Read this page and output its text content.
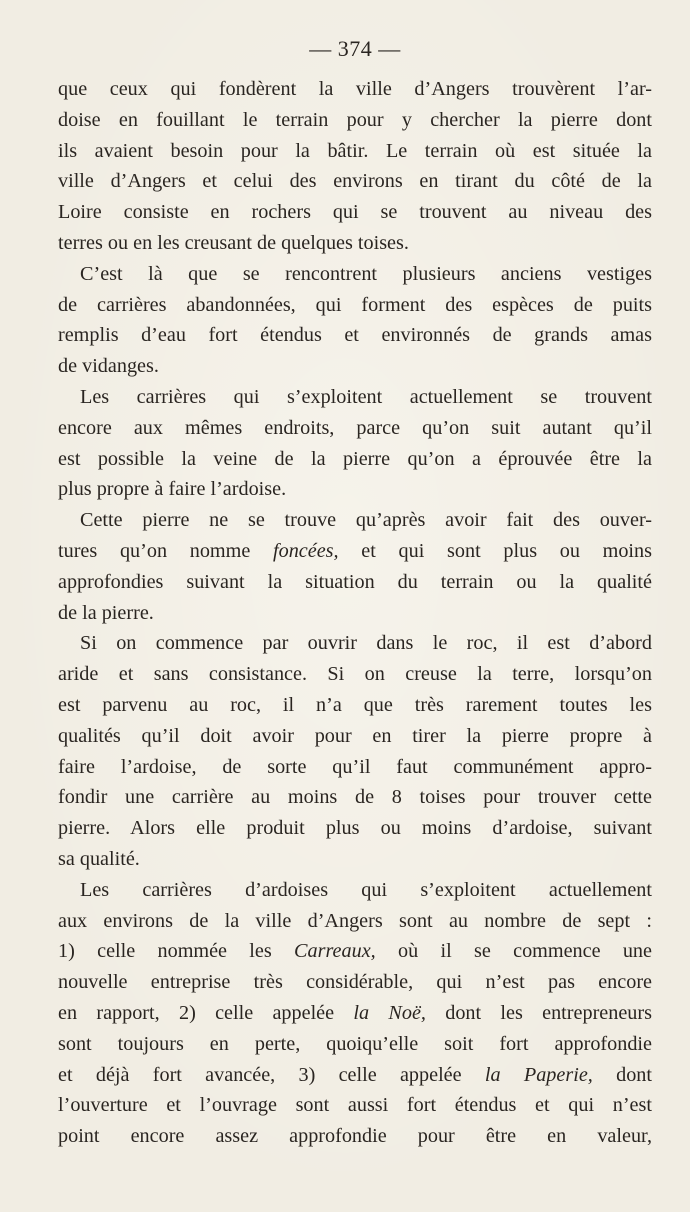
— 374 —
que ceux qui fondèrent la ville d’Angers trouvèrent l’ar-
doise en fouillant le terrain pour y chercher la pierre dont
ils avaient besoin pour la bâtir. Le terrain où est située la
ville d’Angers et celui des environs en tirant du côté de la
Loire consiste en rochers qui se trouvent au niveau des
terres ou en les creusant de quelques toises.
C’est là que se rencontrent plusieurs anciens vestiges
de carrières abandonnées, qui forment des espèces de puits
remplis d’eau fort étendus et environnés de grands amas
de vidanges.
Les carrières qui s’exploitent actuellement se trouvent
encore aux mêmes endroits, parce qu’on suit autant qu’il
est possible la veine de la pierre qu’on a éprouvée être la
plus propre à faire l’ardoise.
Cette pierre ne se trouve qu’après avoir fait des ouver-
tures qu’on nomme foncées, et qui sont plus ou moins
approfondies suivant la situation du terrain ou la qualité
de la pierre.
Si on commence par ouvrir dans le roc, il est d’abord
aride et sans consistance. Si on creuse la terre, lorsqu’on
est parvenu au roc, il n’a que très rarement toutes les
qualités qu’il doit avoir pour en tirer la pierre propre à
faire l’ardoise, de sorte qu’il faut communément appro-
fondir une carrière au moins de 8 toises pour trouver cette
pierre. Alors elle produit plus ou moins d’ardoise, suivant
sa qualité.
Les carrières d’ardoises qui s’exploitent actuellement
aux environs de la ville d’Angers sont au nombre de sept :
1) celle nommée les Carreaux, où il se commence une
nouvelle entreprise très considérable, qui n’est pas encore
en rapport, 2) celle appelée la Noë, dont les entrepreneurs
sont toujours en perte, quoiqu’elle soit fort approfondie
et déjà fort avancée, 3) celle appelée la Paperie, dont
l’ouverture et l’ouvrage sont aussi fort étendus et qui n’est
point encore assez approfondie pour être en valeur,
